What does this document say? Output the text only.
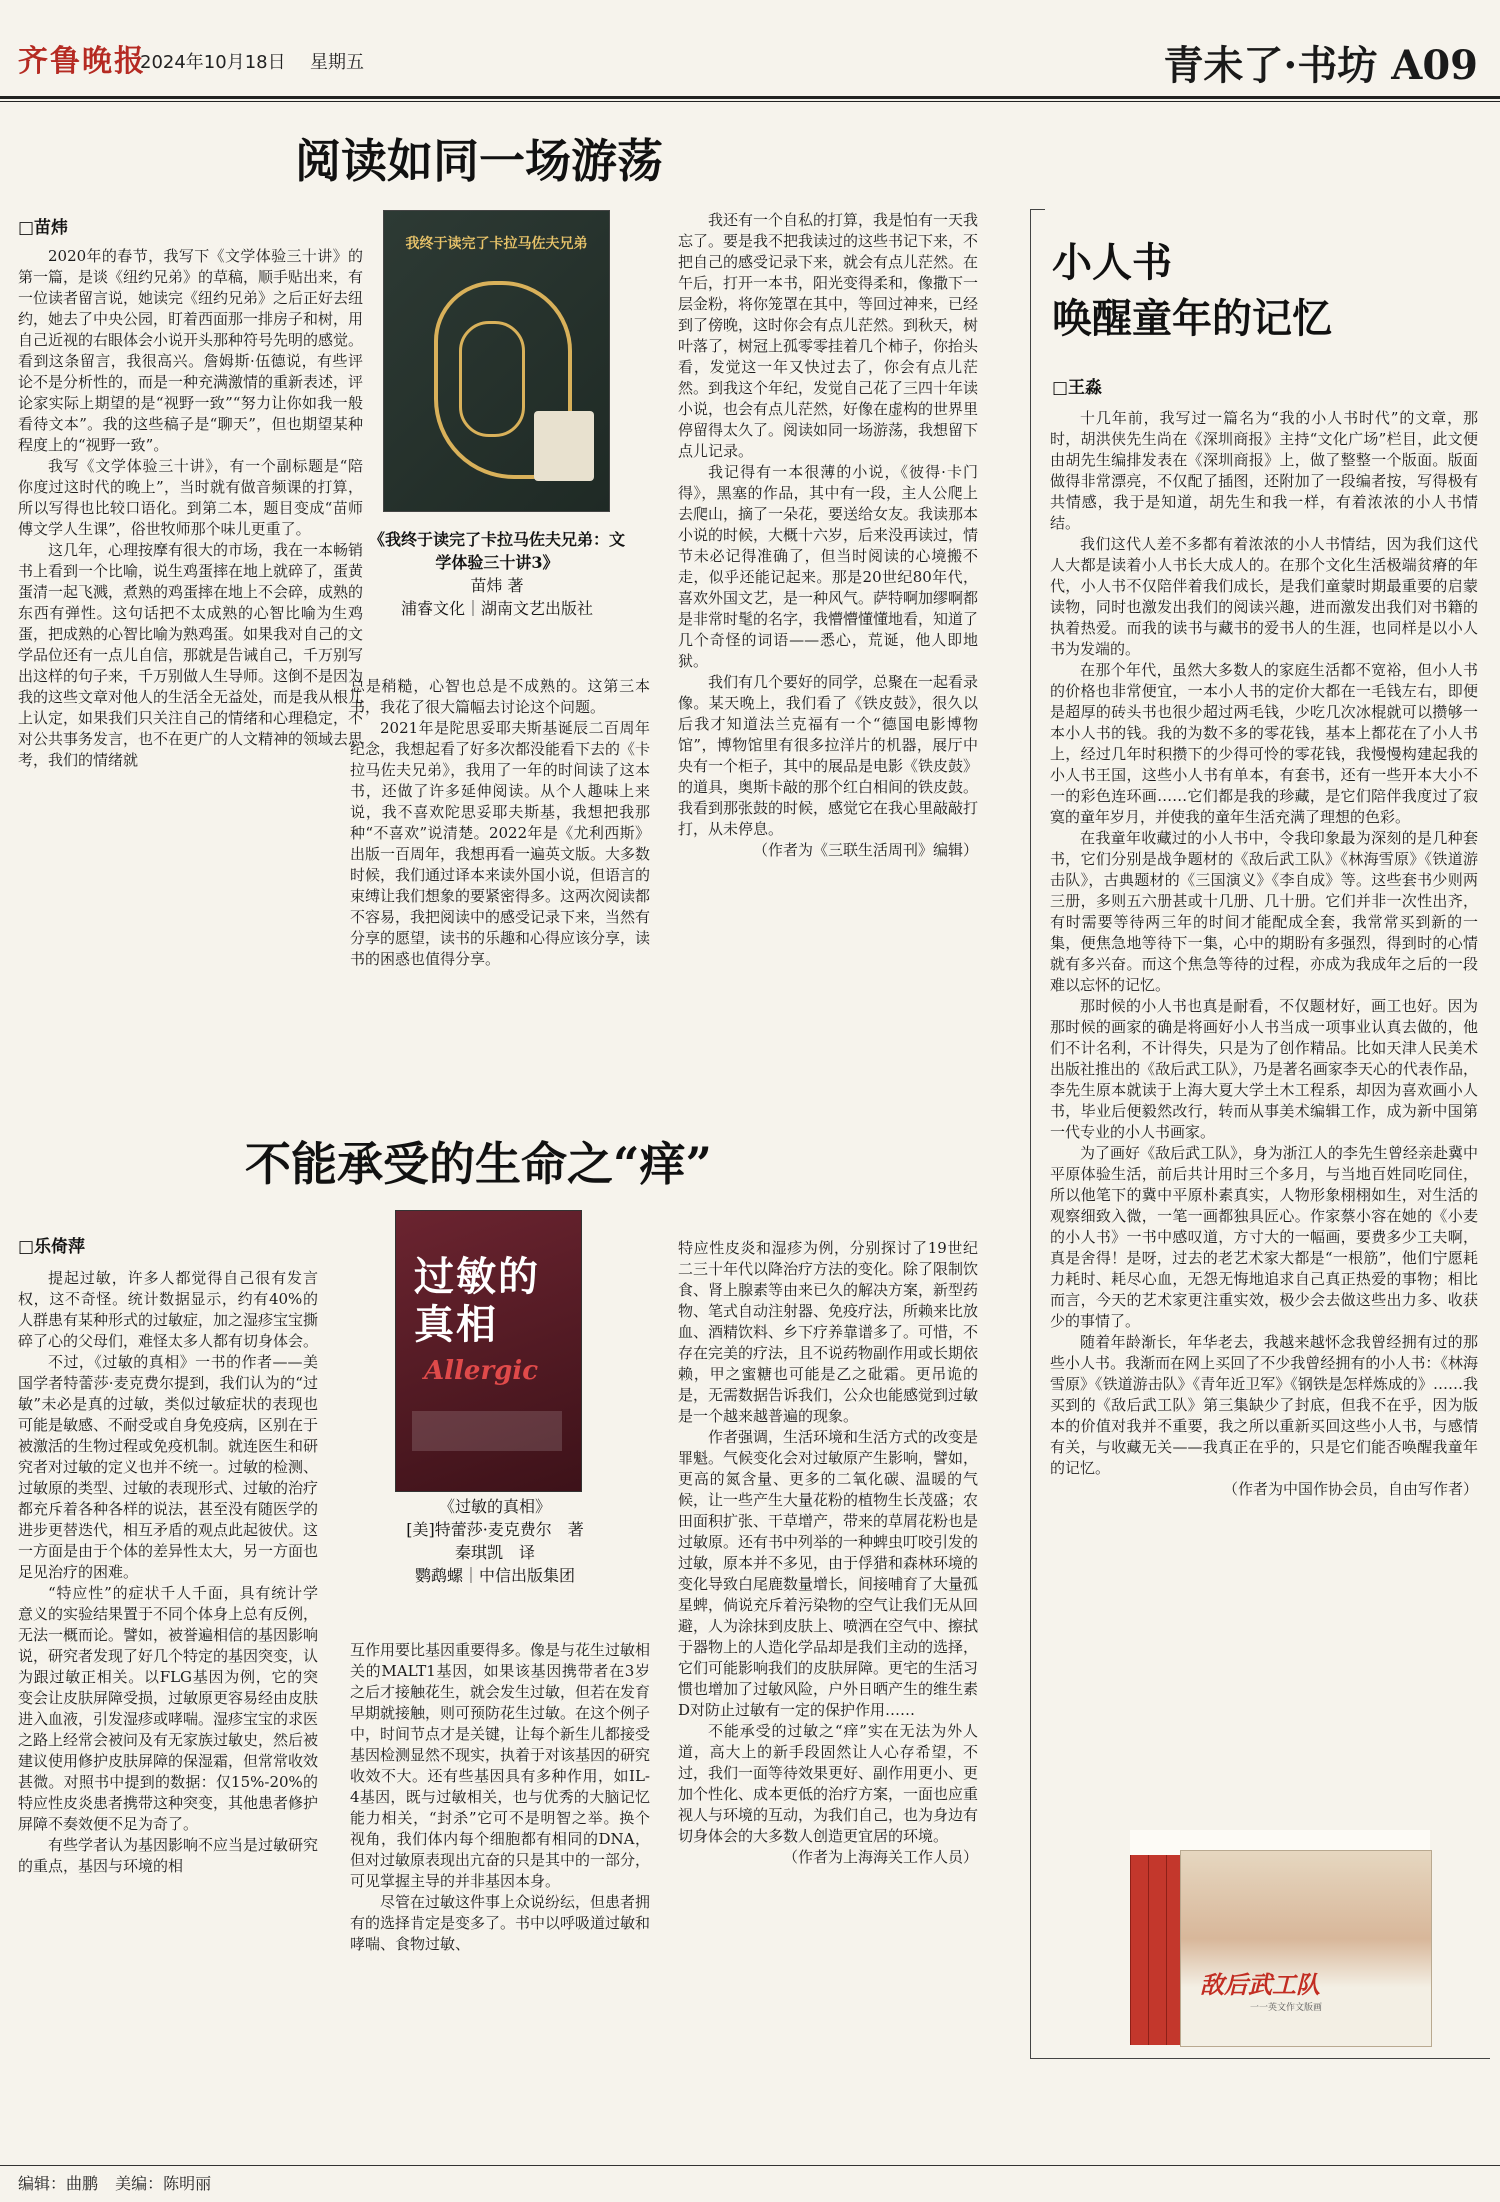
齐鲁晚报
2024年10月18日 星期五	青未了·书坊 A09
阅读如同一场游荡
□苗炜

2020年的春节，我写下《文学体验三十讲》的第一篇，是谈《纽约兄弟》的草稿，顺手贴出来，有一位读者留言说，她读完《纽约兄弟》之后正好去纽约，她去了中央公园，盯着西面那一排房子和树，用自己近视的右眼体会小说开头那种符号先明的感觉。看到这条留言，我很高兴。詹姆斯·伍德说，有些评论不是分析性的，而是一种充满激情的重新表述，评论家实际上期望的是“视野一致”“努力让你如我一般看待文本”。我的这些稿子是“聊天”，但也期望某种程度上的“视野一致”。

我写《文学体验三十讲》，有一个副标题是“陪你度过这时代的晚上”，当时就有做音频课的打算，所以写得也比较口语化。到第二本，题目变成“苗师傅文学人生课”，俗世牧师那个味儿更重了。

这几年，心理按摩有很大的市场，我在一本畅销书上看到一个比喻，说生鸡蛋摔在地上就碎了，蛋黄蛋清一起飞溅，煮熟的鸡蛋摔在地上不会碎，成熟的东西有弹性。这句话把不太成熟的心智比喻为生鸡蛋，把成熟的心智比喻为熟鸡蛋。如果我对自己的文学品位还有一点儿自信，那就是告诫自己，千万别写出这样的句子来，千万别做人生导师。这倒不是因为我的这些文章对他人的生活全无益处，而是我从根儿上认定，如果我们只关注自己的情绪和心理稳定，不对公共事务发言，也不在更广的人文精神的领域去思考，我们的情绪就

我终于读完了卡拉马佐夫兄弟
《我终于读完了卡拉马佐夫兄弟：文学体验三十讲3》
苗炜 著
浦睿文化｜湖南文艺出版社

总是稍糙，心智也总是不成熟的。这第三本书，我花了很大篇幅去讨论这个问题。

2021年是陀思妥耶夫斯基诞辰二百周年纪念，我想起看了好多次都没能看下去的《卡拉马佐夫兄弟》，我用了一年的时间读了这本书，还做了许多延伸阅读。从个人趣味上来说，我不喜欢陀思妥耶夫斯基，我想把我那种“不喜欢”说清楚。2022年是《尤利西斯》出版一百周年，我想再看一遍英文版。大多数时候，我们通过译本来读外国小说，但语言的束缚让我们想象的要紧密得多。这两次阅读都不容易，我把阅读中的感受记录下来，当然有分享的愿望，读书的乐趣和心得应该分享，读书的困惑也值得分享。

我还有一个自私的打算，我是怕有一天我忘了。要是我不把我读过的这些书记下来，不把自己的感受记录下来，就会有点儿茫然。在午后，打开一本书，阳光变得柔和，像撒下一层金粉，将你笼罩在其中，等回过神来，已经到了傍晚，这时你会有点儿茫然。到秋天，树叶落了，树冠上孤零零挂着几个柿子，你抬头看，发觉这一年又快过去了，你会有点儿茫然。到我这个年纪，发觉自己花了三四十年读小说，也会有点儿茫然，好像在虚构的世界里停留得太久了。阅读如同一场游荡，我想留下点儿记录。

我记得有一本很薄的小说，《彼得·卡门得》，黑塞的作品，其中有一段，主人公爬上去爬山，摘了一朵花，要送给女友。我读那本小说的时候，大概十六岁，后来没再读过，情节未必记得准确了，但当时阅读的心境搬不走，似乎还能记起来。那是20世纪80年代，喜欢外国文艺，是一种风气。萨特啊加缪啊都是非常时髦的名字，我懵懵懂懂地看，知道了几个奇怪的词语——悉心，荒诞，他人即地狱。

我们有几个要好的同学，总聚在一起看录像。某天晚上，我们看了《铁皮鼓》，很久以后我才知道法兰克福有一个“德国电影博物馆”，博物馆里有很多拉洋片的机器，展厅中央有一个柜子，其中的展品是电影《铁皮鼓》的道具，奥斯卡敲的那个红白相间的铁皮鼓。我看到那张鼓的时候，感觉它在我心里敲敲打打，从未停息。

（作者为《三联生活周刊》编辑）

不能承受的生命之“痒”
□乐倚萍

提起过敏，许多人都觉得自己很有发言权，这不奇怪。统计数据显示，约有40%的人群患有某种形式的过敏症，加之湿疹宝宝撕碎了心的父母们，难怪太多人都有切身体会。

不过，《过敏的真相》一书的作者——美国学者特蕾莎·麦克费尔提到，我们认为的“过敏”未必是真的过敏，类似过敏症状的表现也可能是敏感、不耐受或自身免疫病，区别在于被激活的生物过程或免疫机制。就连医生和研究者对过敏的定义也并不统一。过敏的检测、过敏原的类型、过敏的表现形式、过敏的治疗都充斥着各种各样的说法，甚至没有随医学的进步更替迭代，相互矛盾的观点此起彼伏。这一方面是由于个体的差异性太大，另一方面也足见治疗的困难。

“特应性”的症状千人千面，具有统计学意义的实验结果置于不同个体身上总有反例，无法一概而论。譬如，被誉遍相信的基因影响说，研究者发现了好几个特定的基因突变，认为跟过敏正相关。以FLG基因为例，它的突变会让皮肤屏障受损，过敏原更容易经由皮肤进入血液，引发湿疹或哮喘。湿疹宝宝的求医之路上经常会被问及有无家族过敏史，然后被建议使用修护皮肤屏障的保湿霜，但常常收效甚微。对照书中提到的数据：仅15%-20%的特应性皮炎患者携带这种突变，其他患者修护屏障不奏效便不足为奇了。

有些学者认为基因影响不应当是过敏研究的重点，基因与环境的相

过敏的真相
Allergic
《过敏的真相》
[美]特蕾莎·麦克费尔　著
秦琪凯　译
鹦鹉螺｜中信出版集团

互作用要比基因重要得多。像是与花生过敏相关的MALT1基因，如果该基因携带者在3岁之后才接触花生，就会发生过敏，但若在发育早期就接触，则可预防花生过敏。在这个例子中，时间节点才是关键，让每个新生儿都接受基因检测显然不现实，执着于对该基因的研究收效不大。还有些基因具有多种作用，如IL-4基因，既与过敏相关，也与优秀的大脑记忆能力相关，“封杀”它可不是明智之举。换个视角，我们体内每个细胞都有相同的DNA，但对过敏原表现出亢奋的只是其中的一部分，可见掌握主导的并非基因本身。

尽管在过敏这件事上众说纷纭，但患者拥有的选择肯定是变多了。书中以呼吸道过敏和哮喘、食物过敏、

特应性皮炎和湿疹为例，分别探讨了19世纪二三十年代以降治疗方法的变化。除了限制饮食、肾上腺素等由来已久的解决方案，新型药物、笔式自动注射器、免疫疗法，所赖来比放血、酒精饮料、乡下疗养靠谱多了。可惜，不存在完美的疗法，且不说药物副作用或长期依赖，甲之蜜糖也可能是乙之砒霜。更吊诡的是，无需数据告诉我们，公众也能感觉到过敏是一个越来越普遍的现象。

作者强调，生活环境和生活方式的改变是罪魁。气候变化会对过敏原产生影响，譬如，更高的氮含量、更多的二氧化碳、温暖的气候，让一些产生大量花粉的植物生长茂盛；农田面积扩张、干草增产，带来的草屑花粉也是过敏原。还有书中列举的一种蜱虫叮咬引发的过敏，原本并不多见，由于俘猎和森林环境的变化导致白尾鹿数量增长，间接哺育了大量孤星蜱，倘说充斥着污染物的空气让我们无从回避，人为涂抹到皮肤上、喷洒在空气中、擦拭于器物上的人造化学品却是我们主动的选择，它们可能影响我们的皮肤屏障。更宅的生活习惯也增加了过敏风险，户外日晒产生的维生素D对防止过敏有一定的保护作用……

不能承受的过敏之“痒”实在无法为外人道，高大上的新手段固然让人心存希望，不过，我们一面等待效果更好、副作用更小、更加个性化、成本更低的治疗方案，一面也应重视人与环境的互动，为我们自己，也为身边有切身体会的大多数人创造更宜居的环境。

（作者为上海海关工作人员）

小人书
唤醒童年的记忆
□王淼

十几年前，我写过一篇名为“我的小人书时代”的文章，那时，胡洪侠先生尚在《深圳商报》主持“文化广场”栏目，此文便由胡先生编排发表在《深圳商报》上，做了整整一个版面。版面做得非常漂亮，不仅配了插图，还附加了一段编者按，写得极有共情感，我于是知道，胡先生和我一样，有着浓浓的小人书情结。

我们这代人差不多都有着浓浓的小人书情结，因为我们这代人大都是读着小人书长大成人的。在那个文化生活极端贫瘠的年代，小人书不仅陪伴着我们成长，是我们童蒙时期最重要的启蒙读物，同时也激发出我们的阅读兴趣，进而激发出我们对书籍的执着热爱。而我的读书与藏书的爱书人的生涯，也同样是以小人书为发端的。

在那个年代，虽然大多数人的家庭生活都不宽裕，但小人书的价格也非常便宜，一本小人书的定价大都在一毛钱左右，即便是超厚的砖头书也很少超过两毛钱，少吃几次冰棍就可以攒够一本小人书的钱。我的为数不多的零花钱，基本上都花在了小人书上，经过几年时积攒下的少得可怜的零花钱，我慢慢构建起我的小人书王国，这些小人书有单本，有套书，还有一些开本大小不一的彩色连环画……它们都是我的珍藏，是它们陪伴我度过了寂寞的童年岁月，并使我的童年生活充满了理想的色彩。

在我童年收藏过的小人书中，令我印象最为深刻的是几种套书，它们分别是战争题材的《敌后武工队》《林海雪原》《铁道游击队》，古典题材的《三国演义》《李自成》等。这些套书少则两三册，多则五六册甚或十几册、几十册。它们并非一次性出齐，有时需要等待两三年的时间才能配成全套，我常常买到新的一集，便焦急地等待下一集，心中的期盼有多强烈，得到时的心情就有多兴奋。而这个焦急等待的过程，亦成为我成年之后的一段难以忘怀的记忆。

那时候的小人书也真是耐看，不仅题材好，画工也好。因为那时候的画家的确是将画好小人书当成一项事业认真去做的，他们不计名利，不计得失，只是为了创作精品。比如天津人民美术出版社推出的《敌后武工队》，乃是著名画家李天心的代表作品，李先生原本就读于上海大夏大学土木工程系，却因为喜欢画小人书，毕业后便毅然改行，转而从事美术编辑工作，成为新中国第一代专业的小人书画家。

为了画好《敌后武工队》，身为浙江人的李先生曾经亲赴冀中平原体验生活，前后共计用时三个多月，与当地百姓同吃同住，所以他笔下的冀中平原朴素真实，人物形象栩栩如生，对生活的观察细致入微，一笔一画都独具匠心。作家蔡小容在她的《小麦的小人书》一书中感叹道，方寸大的一幅画，要费多少工夫啊，真是舍得！是呀，过去的老艺术家大都是“一根筋”，他们宁愿耗力耗时、耗尽心血，无怨无悔地追求自己真正热爱的事物；相比而言，今天的艺术家更注重实效，极少会去做这些出力多、收获少的事情了。

随着年龄渐长，年华老去，我越来越怀念我曾经拥有过的那些小人书。我渐而在网上买回了不少我曾经拥有的小人书：《林海雪原》《铁道游击队》《青年近卫军》《钢铁是怎样炼成的》……我买到的《敌后武工队》第三集缺少了封底，但我不在乎，因为版本的价值对我并不重要，我之所以重新买回这些小人书，与感情有关，与收藏无关——我真正在乎的，只是它们能否唤醒我童年的记忆。

（作者为中国作协会员，自由写作者）

敌后武工队
一一英文作文版画
编辑：曲鹏 美编：陈明丽
